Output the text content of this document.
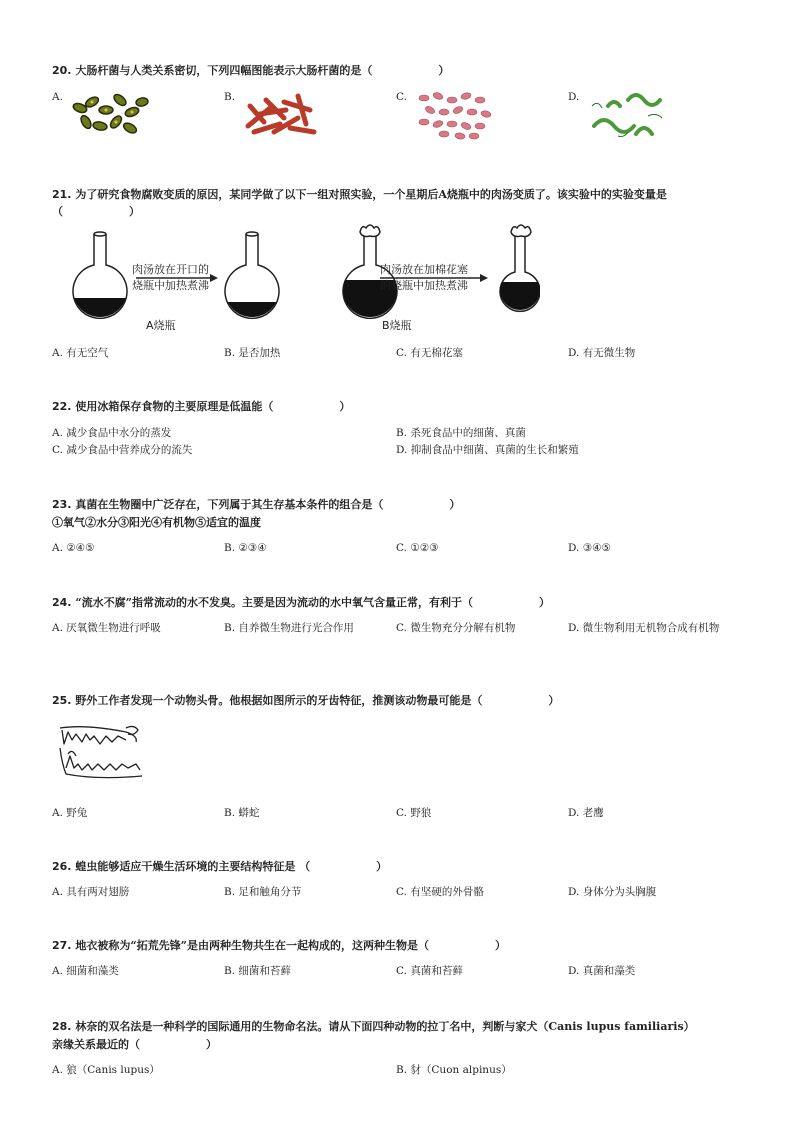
20. 大肠杆菌与人类关系密切，下列四幅图能表示大肠杆菌的是（　　　　　　）
A.	B.	C.	D.
21. 为了研究食物腐败变质的原因，某同学做了以下一组对照实验，一个星期后A烧瓶中的肉汤变质了。该实验中的实验变量是
（　　　　　　）
肉汤放在开口的
烧瓶中加热煮沸
肉汤放在加棉花塞
的烧瓶中加热煮沸
A烧瓶	B烧瓶
A. 有无空气	B. 是否加热	C. 有无棉花塞	D. 有无微生物
22. 使用冰箱保存食物的主要原理是低温能（　　　　　　）
A. 减少食品中水分的蒸发	B. 杀死食品中的细菌、真菌
C. 减少食品中营养成分的流失	D. 抑制食品中细菌、真菌的生长和繁殖
23. 真菌在生物圈中广泛存在，下列属于其生存基本条件的组合是（　　　　　　）
①氧气②水分③阳光④有机物⑤适宜的温度
A. ②④⑤	B. ②③④	C. ①②③	D. ③④⑤
24. “流水不腐”指常流动的水不发臭。主要是因为流动的水中氧气含量正常，有利于（　　　　　　）
A. 厌氧微生物进行呼吸	B. 自养微生物进行光合作用	C. 微生物充分分解有机物	D. 微生物利用无机物合成有机物
25. 野外工作者发现一个动物头骨。他根据如图所示的牙齿特征，推测该动物最可能是（　　　　　　）
A. 野兔	B. 蟒蛇	C. 野狼	D. 老鹰
26. 蝗虫能够适应干燥生活环境的主要结构特征是 （　　　　　　）
A. 具有两对翅膀	B. 足和触角分节	C. 有坚硬的外骨骼	D. 身体分为头胸腹
27. 地衣被称为“拓荒先锋”是由两种生物共生在一起构成的，这两种生物是（　　　　　　）
A. 细菌和藻类	B. 细菌和苔藓	C. 真菌和苔藓	D. 真菌和藻类
28. 林奈的双名法是一种科学的国际通用的生物命名法。请从下面四种动物的拉丁名中，判断与家犬（Canis lupus familiaris）
亲缘关系最近的（　　　　　　）
A. 狼（Canis lupus）	B. 豺（Cuon alpinus）
